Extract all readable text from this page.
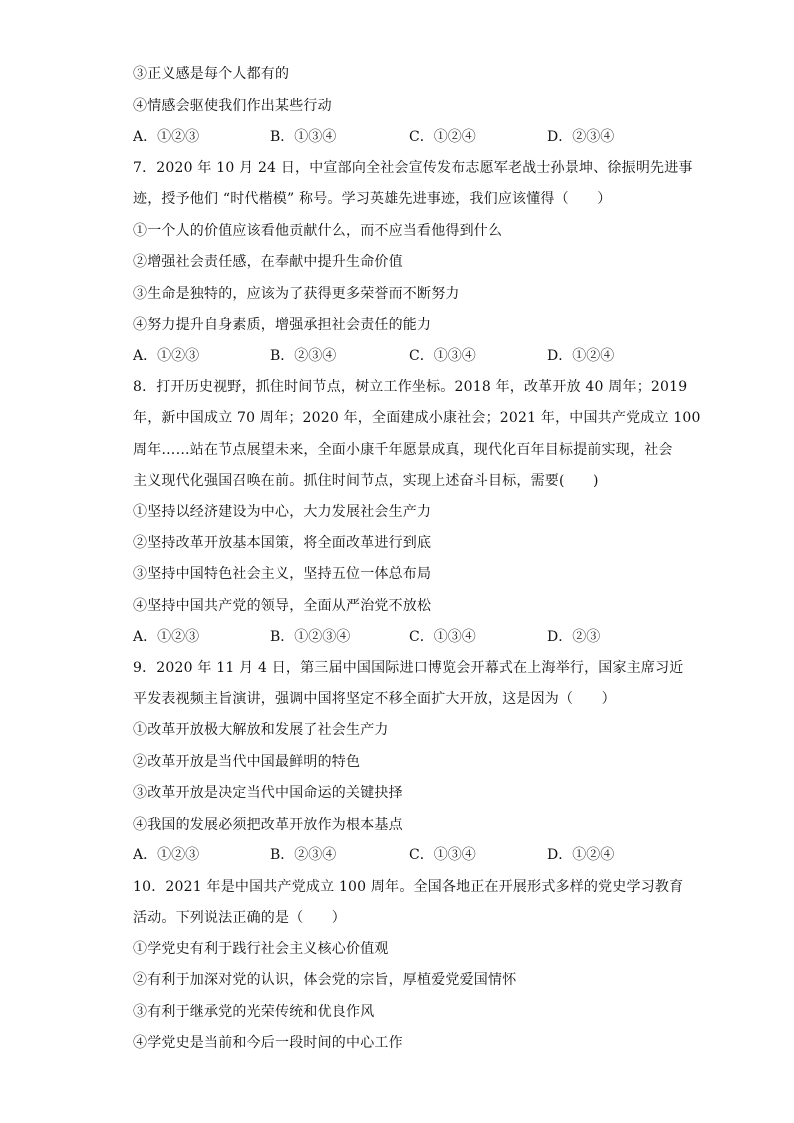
③正义感是每个人都有的
④情感会驱使我们作出某些行动
A．①②③	B．①③④	C．①②④	D．②③④
7．2020 年 10 月 24 日，中宣部向全社会宣传发布志愿军老战士孙景坤、徐振明先进事
迹，授予他们 “时代楷模” 称号。学习英雄先进事迹，我们应该懂得（　　）
①一个人的价值应该看他贡献什么，而不应当看他得到什么
②增强社会责任感，在奉献中提升生命价值
③生命是独特的，应该为了获得更多荣誉而不断努力
④努力提升自身素质，增强承担社会责任的能力
A．①②③	B．②③④	C．①③④	D．①②④
8．打开历史视野，抓住时间节点，树立工作坐标。2018 年，改革开放 40 周年；2019
年，新中国成立 70 周年；2020 年，全面建成小康社会；2021 年，中国共产党成立 100
周年……站在节点展望未来，全面小康千年愿景成真，现代化百年目标提前实现，社会
主义现代化强国召唤在前。抓住时间节点，实现上述奋斗目标，需要(　　)
①坚持以经济建设为中心，大力发展社会生产力
②坚持改革开放基本国策，将全面改革进行到底
③坚持中国特色社会主义，坚持五位一体总布局
④坚持中国共产党的领导，全面从严治党不放松
A．①②③	B．①②③④	C．①③④	D．②③
9．2020 年 11 月 4 日，第三届中国国际进口博览会开幕式在上海举行，国家主席习近
平发表视频主旨演讲，强调中国将坚定不移全面扩大开放，这是因为（　　）
①改革开放极大解放和发展了社会生产力
②改革开放是当代中国最鲜明的特色
③改革开放是决定当代中国命运的关键抉择
④我国的发展必须把改革开放作为根本基点
A．①②③	B．②③④	C．①③④	D．①②④
10．2021 年是中国共产党成立 100 周年。全国各地正在开展形式多样的党史学习教育
活动。下列说法正确的是（　　）
①学党史有利于践行社会主义核心价值观
②有利于加深对党的认识，体会党的宗旨，厚植爱党爱国情怀
③有利于继承党的光荣传统和优良作风
④学党史是当前和今后一段时间的中心工作
